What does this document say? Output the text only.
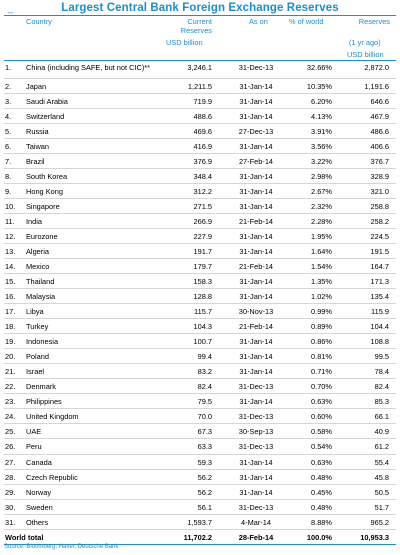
_	Largest Central Bank Foreign Exchange Reserves
Country	Current Reserves
USD billion
As on	% of world	Reserves
(1 yr ago)
USD billion
1. China (including SAFE, but not CIC)**	3,246.1	31-Dec-13	32.66%	2,872.0
2. Japan	1,211.5	31-Jan-14	10.35%	1,191.6
3. Saudi Arabia	719.9	31-Jan-14	6.20%	646.6
4. Switzerland	488.6	31-Jan-14	4.13%	467.9
5. Russia	469.6	27-Dec-13	3.91%	486.6
6. Taiwan	416.9	31-Jan-14	3.56%	406.6
7. Brazil	376.9	27-Feb-14	3.22%	376.7
8. South Korea	348.4	31-Jan-14	2.98%	328.9
9. Hong Kong	312.2	31-Jan-14	2.67%	321.0
10. Singapore	271.5	31-Jan-14	2.32%	258.8
11. India	266.9	21-Feb-14	2.28%	258.2
12. Eurozone	227.9	31-Jan-14	1.95%	224.5
13. Algeria	191.7	31-Jan-14	1.64%	191.5
14. Mexico	179.7	21-Feb-14	1.54%	164.7
15. Thailand	158.3	31-Jan-14	1.35%	171.3
16. Malaysia	128.8	31-Jan-14	1.02%	135.4
17. Libya	115.7	30-Nov-13	0.99%	115.9
18. Turkey	104.3	21-Feb-14	0.89%	104.4
19. Indonesia	100.7	31-Jan-14	0.86%	108.8
20. Poland	99.4	31-Jan-14	0.81%	99.5
21. Israel	83.2	31-Jan-14	0.71%	78.4
22. Denmark	82.4	31-Dec-13	0.70%	82.4
23. Philippines	79.5	31-Jan-14	0.63%	85.3
24. United Kingdom	70.0	31-Dec-13	0.60%	66.1
25. UAE	67.3	30-Sep-13	0.58%	40.9
26. Peru	63.3	31-Dec-13	0.54%	61.2
27. Canada	59.3	31-Jan-14	0.63%	55.4
28. Czech Republic	56.2	31-Jan-14	0.48%	45.8
29. Norway	56.2	31-Jan-14	0.45%	50.5
30. Sweden	56.1	31-Dec-13	0.48%	51.7
31. Others	1,593.7	4-Mar-14	8.88%	965.2
World total	11,702.2	28-Feb-14	100.0%	10,953.3
Source: Bloomberg, Haver, Deutsche Bank
